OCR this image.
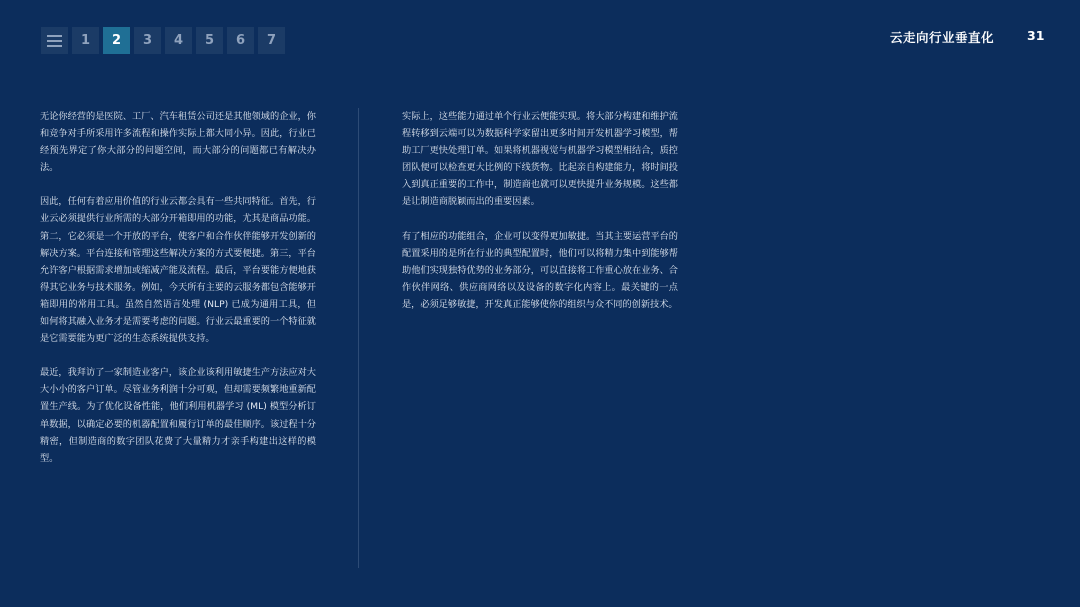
1	2	3	4	5	6	7	云走向行业垂直化	31

无论你经营的是医院、工厂、汽车租赁公司还是其他领域的企业，你和竞争对手所采用许多流程和操作实际上都大同小异。因此，行业已经预先界定了你大部分的问题空间，而大部分的问题都已有解决办法。

因此，任何有着应用价值的行业云都会具有一些共同特征。首先，行业云必须提供行业所需的大部分开箱即用的功能，尤其是商品功能。第二，它必须是一个开放的平台，使客户和合作伙伴能够开发创新的解决方案。平台连接和管理这些解决方案的方式要便捷。第三，平台允许客户根据需求增加或缩减产能及流程。最后，平台要能方便地获得其它业务与技术服务。例如，今天所有主要的云服务都包含能够开箱即用的常用工具。虽然自然语言处理 (NLP) 已成为通用工具，但如何将其融入业务才是需要考虑的问题。行业云最重要的一个特征就是它需要能为更广泛的生态系统提供支持。

最近，我拜访了一家制造业客户，该企业该利用敏捷生产方法应对大大小小的客户订单。尽管业务利润十分可观，但却需要频繁地重新配置生产线。为了优化设备性能，他们利用机器学习 (ML) 模型分析订单数据，以确定必要的机器配置和履行订单的最佳顺序。该过程十分精密，但制造商的数字团队花费了大量精力才亲手构建出这样的模型。

实际上，这些能力通过单个行业云便能实现。将大部分构建和维护流程转移到云端可以为数据科学家留出更多时间开发机器学习模型，帮助工厂更快处理订单。如果将机器视觉与机器学习模型相结合，质控团队便可以检查更大比例的下线货物。比起亲自构建能力，将时间投入到真正重要的工作中，制造商也就可以更快提升业务规模。这些都是让制造商脱颖而出的重要因素。

有了相应的功能组合，企业可以变得更加敏捷。当其主要运营平台的配置采用的是所在行业的典型配置时，他们可以将精力集中到能够帮助他们实现独特优势的业务部分，可以直接将工作重心放在业务、合作伙伴网络、供应商网络以及设备的数字化内容上。最关键的一点是，必须足够敏捷，开发真正能够使你的组织与众不同的创新技术。
